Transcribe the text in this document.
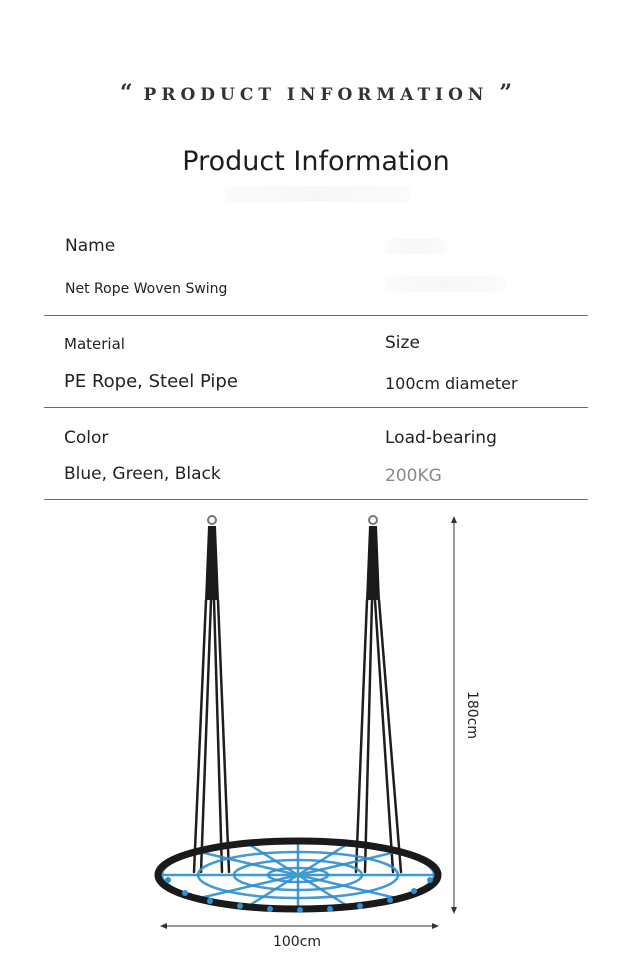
“ PRODUCT INFORMATION ”
Product Information
Name
Net Rope Woven Swing
Material
PE Rope, Steel Pipe
Size
100cm diameter
Color
Blue, Green, Black
Load-bearing
200KG
180cm
100cm
